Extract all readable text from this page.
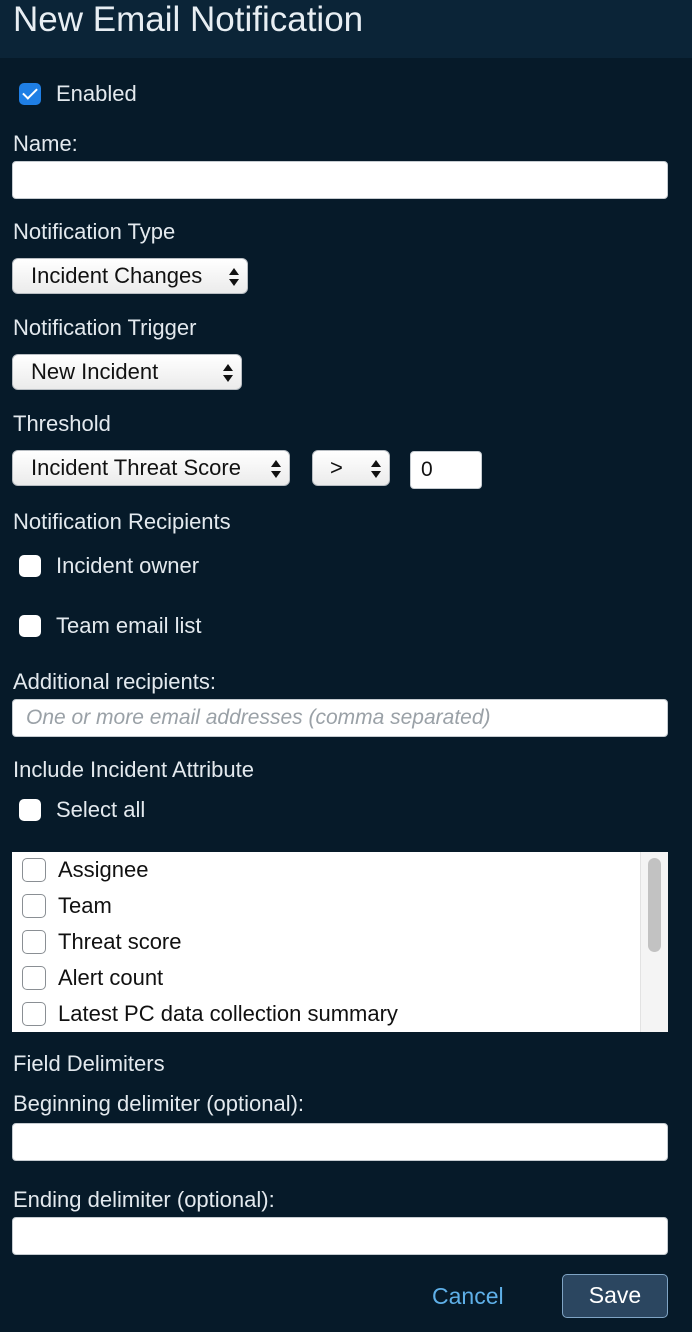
New Email Notification
Enabled
Name:
Notification Type
Incident Changes
Notification Trigger
New Incident
Threshold
Incident Threat Score	>
0
Notification Recipients
Incident owner
Team email list
Additional recipients:
One or more email addresses (comma separated)
Include Incident Attribute
Select all
Assignee
Team
Threat score
Alert count
Latest PC data collection summary
Field Delimiters
Beginning delimiter (optional):
Ending delimiter (optional):
Cancel	Save
